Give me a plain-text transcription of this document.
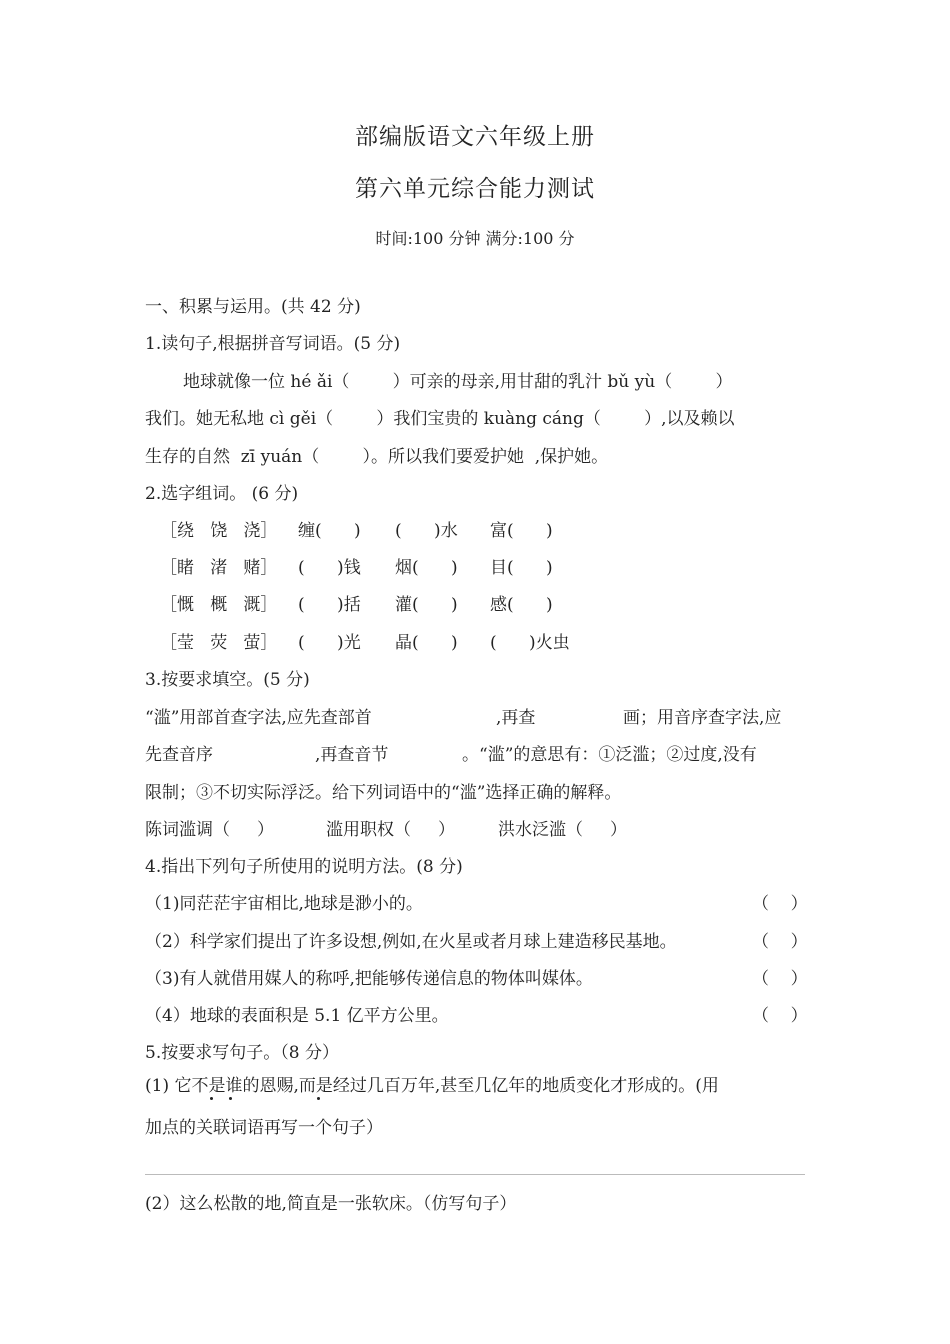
部编版语文六年级上册
第六单元综合能力测试
时间:100 分钟 满分:100 分
一、积累与运用。(共 42 分)
1.读句子,根据拼音写词语。(5 分)
地球就像一位 hé ǎi（        ）可亲的母亲,用甘甜的乳汁 bǔ yù（        ）
我们。她无私地 cì gěi（        ）我们宝贵的 kuàng cáng（        ）,以及赖以
生存的自然  zī yuán（        ）。所以我们要爱护她  ,保护她。
2.选字组词。 (6 分)
［绕   饶   浇］ 缠(      ) (      )水 富(      )
［睹   渚   赌］ (      )钱 烟(      ) 目(      )
［慨   概   溉］ (      )括 灌(      ) 感(      )
［莹   荧   萤］ (      )光 晶(      ) (      )火虫
3.按要求填空。(5 分)
“滥”用部首查字法,应先查部首	,再查	画；用音序查字法,应
先查音序	,再查音节	。“滥”的意思有：①泛滥；②过度,没有
限制；③不切实际浮泛。给下列词语中的“滥”选择正确的解释。
陈词滥调（     ）	滥用职权（     ）	洪水泛滥（     ）
4.指出下列句子所使用的说明方法。(8 分)
（1)同茫茫宇宙相比,地球是渺小的。	（    ）
（2）科学家们提出了许多设想,例如,在火星或者月球上建造移民基地。	（    ）
（3)有人就借用媒人的称呼,把能够传递信息的物体叫媒体。	（    ）
（4）地球的表面积是 5.1 亿平方公里。	（    ）
5.按要求写句子。（8 分）
(1) 它不是谁的恩赐,而是经过几百万年,甚至几亿年的地质变化才形成的。(用
加点的关联词语再写一个句子）
(2）这么松散的地,简直是一张软床。（仿写句子）
